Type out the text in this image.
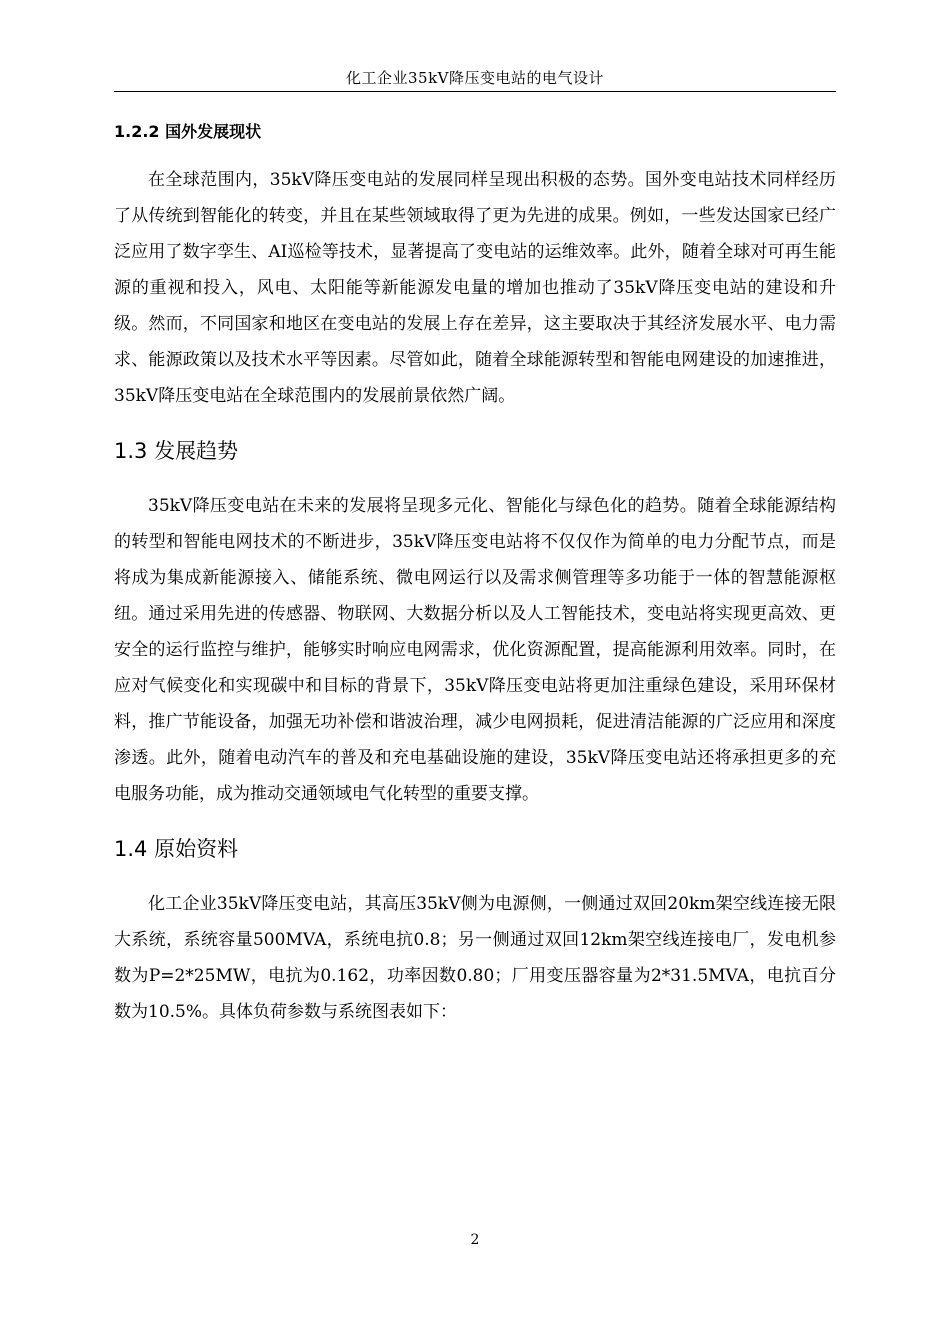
化工企业35kV降压变电站的电气设计
1.2.2 国外发展现状

在全球范围内，35kV降压变电站的发展同样呈现出积极的态势。国外变电站技术同样经历了从传统到智能化的转变，并且在某些领域取得了更为先进的成果。例如，一些发达国家已经广泛应用了数字孪生、AI巡检等技术，显著提高了变电站的运维效率。此外，随着全球对可再生能源的重视和投入，风电、太阳能等新能源发电量的增加也推动了35kV降压变电站的建设和升级。然而，不同国家和地区在变电站的发展上存在差异，这主要取决于其经济发展水平、电力需求、能源政策以及技术水平等因素。尽管如此，随着全球能源转型和智能电网建设的加速推进，35kV降压变电站在全球范围内的发展前景依然广阔。

1.3 发展趋势

35kV降压变电站在未来的发展将呈现多元化、智能化与绿色化的趋势。随着全球能源结构的转型和智能电网技术的不断进步，35kV降压变电站将不仅仅作为简单的电力分配节点，而是将成为集成新能源接入、储能系统、微电网运行以及需求侧管理等多功能于一体的智慧能源枢纽。通过采用先进的传感器、物联网、大数据分析以及人工智能技术，变电站将实现更高效、更安全的运行监控与维护，能够实时响应电网需求，优化资源配置，提高能源利用效率。同时，在应对气候变化和实现碳中和目标的背景下，35kV降压变电站将更加注重绿色建设，采用环保材料，推广节能设备，加强无功补偿和谐波治理，减少电网损耗，促进清洁能源的广泛应用和深度渗透。此外，随着电动汽车的普及和充电基础设施的建设，35kV降压变电站还将承担更多的充电服务功能，成为推动交通领域电气化转型的重要支撑。

1.4 原始资料

化工企业35kV降压变电站，其高压35kV侧为电源侧，一侧通过双回20km架空线连接无限大系统，系统容量500MVA，系统电抗0.8；另一侧通过双回12km架空线连接电厂，发电机参数为P=2*25MW，电抗为0.162，功率因数0.80；厂用变压器容量为2*31.5MVA，电抗百分数为10.5%。具体负荷参数与系统图表如下：

2
